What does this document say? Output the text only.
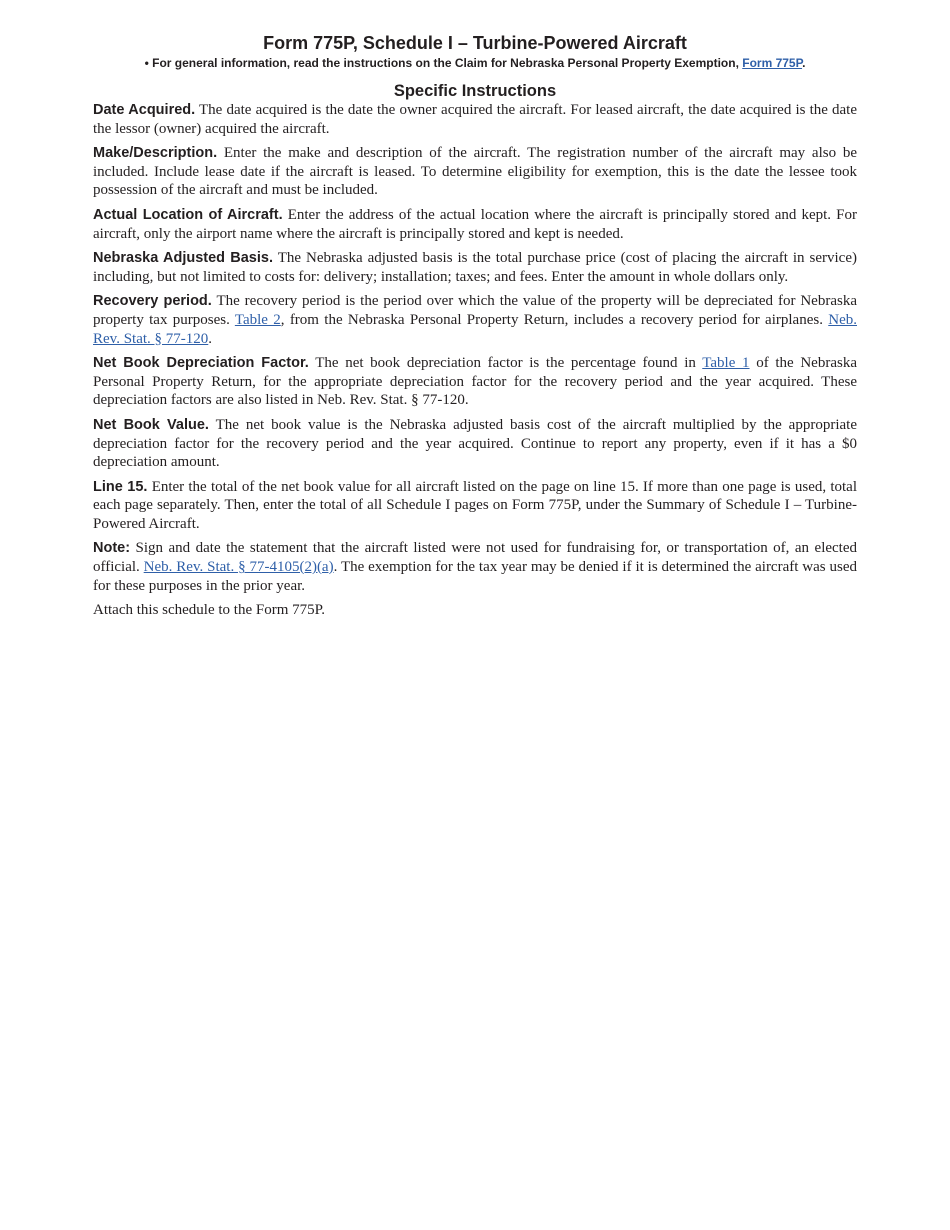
Form 775P, Schedule I – Turbine-Powered Aircraft

• For general information, read the instructions on the Claim for Nebraska Personal Property Exemption, Form 775P.

Specific Instructions

Date Acquired. The date acquired is the date the owner acquired the aircraft. For leased aircraft, the date acquired is the date the lessor (owner) acquired the aircraft.

Make/Description. Enter the make and description of the aircraft. The registration number of the aircraft may also be included. Include lease date if the aircraft is leased. To determine eligibility for exemption, this is the date the lessee took possession of the aircraft and must be included.

Actual Location of Aircraft. Enter the address of the actual location where the aircraft is principally stored and kept. For aircraft, only the airport name where the aircraft is principally stored and kept is needed.

Nebraska Adjusted Basis. The Nebraska adjusted basis is the total purchase price (cost of placing the aircraft in service) including, but not limited to costs for: delivery; installation; taxes; and fees. Enter the amount in whole dollars only.

Recovery period. The recovery period is the period over which the value of the property will be depreciated for Nebraska property tax purposes. Table 2, from the Nebraska Personal Property Return, includes a recovery period for airplanes. Neb. Rev. Stat. § 77-120.

Net Book Depreciation Factor. The net book depreciation factor is the percentage found in Table 1 of the Nebraska Personal Property Return, for the appropriate depreciation factor for the recovery period and the year acquired. These depreciation factors are also listed in Neb. Rev. Stat. § 77-120.

Net Book Value. The net book value is the Nebraska adjusted basis cost of the aircraft multiplied by the appropriate depreciation factor for the recovery period and the year acquired. Continue to report any property, even if it has a $0 depreciation amount.

Line 15. Enter the total of the net book value for all aircraft listed on the page on line 15. If more than one page is used, total each page separately. Then, enter the total of all Schedule I pages on Form 775P, under the Summary of Schedule I – Turbine-Powered Aircraft.

Note: Sign and date the statement that the aircraft listed were not used for fundraising for, or transportation of, an elected official. Neb. Rev. Stat. § 77-4105(2)(a). The exemption for the tax year may be denied if it is determined the aircraft was used for these purposes in the prior year.

Attach this schedule to the Form 775P.
